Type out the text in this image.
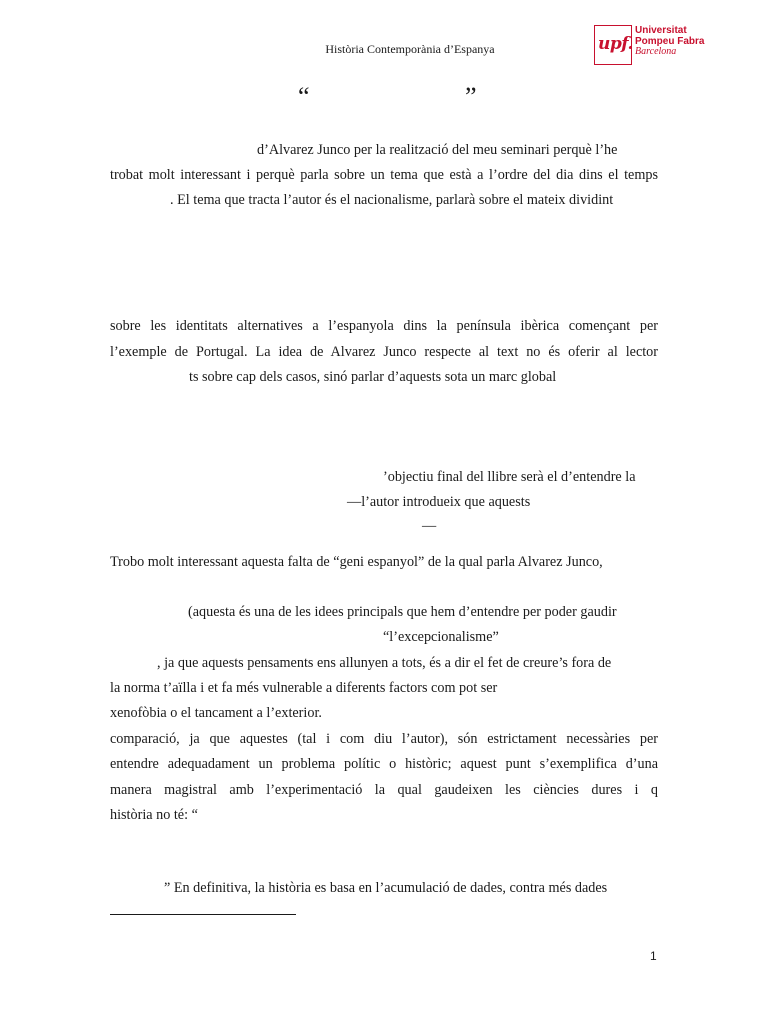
Història Contemporània d’Espanya	upf.
Universitat
Pompeu Fabra
Barcelona
“	”
d’Alvarez Junco per la realització del meu seminari perquè l’he
trobat molt interessant i perquè parla sobre un tema que està a l’ordre del dia dins el temps
. El tema que tracta l’autor és el nacionalisme, parlarà sobre el mateix dividint
sobre les identitats alternatives a l’espanyola dins la península ibèrica començant per
l’exemple de Portugal. La idea de Alvarez Junco respecte al text no és oferir al lector
ts sobre cap dels casos, sinó parlar d’aquests sota un marc global
’objectiu final del llibre serà el d’entendre la
—l’autor introdueix que aquests
—
Trobo molt interessant aquesta falta de “geni espanyol” de la qual parla Alvarez Junco,
(aquesta és una de les idees principals que hem d’entendre per poder gaudir
“l’excepcionalisme”
, ja que aquests pensaments ens allunyen a tots, és a dir el fet de creure’s fora de
la norma t’aïlla i et fa més vulnerable a diferents factors com pot ser
xenofòbia o el tancament a l’exterior.
comparació, ja que aquestes (tal i com diu l’autor), són estrictament necessàries per
entendre adequadament un problema polític o històric; aquest punt s’exemplifica d’una
manera magistral amb l’experimentació la qual gaudeixen les ciències dures i q
història no té: “
” En definitiva, la història es basa en l’acumulació de dades, contra més dades
1
